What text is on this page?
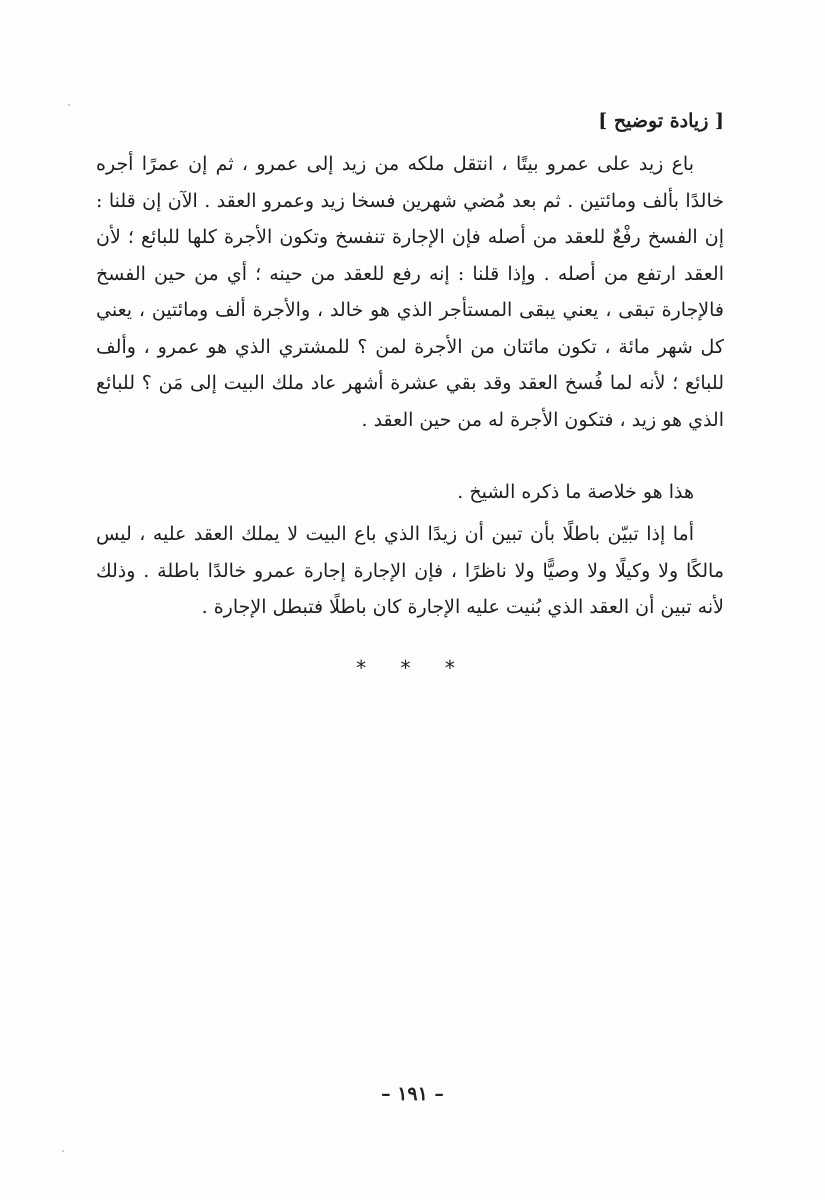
[ زيادة توضيح ]

باع زيد على عمرو بيتًا ، انتقل ملكه من زيد إلى عمرو ، ثم إن عمرًا أجره خالدًا بألف ومائتين . ثم بعد مُضي شهرين فسخا زيد وعمرو العقد . الآن إن قلنا : إن الفسخ رفْعٌ للعقد من أصله فإن الإجارة تنفسخ وتكون الأجرة كلها للبائع ؛ لأن العقد ارتفع من أصله . وإذا قلنا : إنه رفع للعقد من حينه ؛ أي من حين الفسخ فالإجارة تبقى ، يعني يبقى المستأجر الذي هو خالد ، والأجرة ألف ومائتين ، يعني كل شهر مائة ، تكون مائتان من الأجرة لمن ؟ للمشتري الذي هو عمرو ، وألف للبائع ؛ لأنه لما فُسخ العقد وقد بقي عشرة أشهر عاد ملك البيت إلى مَن ؟ للبائع الذي هو زيد ، فتكون الأجرة له من حين العقد .

هذا هو خلاصة ما ذكره الشيخ .

أما إذا تبيّن باطلًا بأن تبين أن زيدًا الذي باع البيت لا يملك العقد عليه ، ليس مالكًا ولا وكيلًا ولا وصيًّا ولا ناظرًا ، فإن الإجارة إجارة عمرو خالدًا باطلة . وذلك لأنه تبين أن العقد الذي بُنيت عليه الإجارة كان باطلًا فتبطل الإجارة .

* * *
– ١٩١ –
